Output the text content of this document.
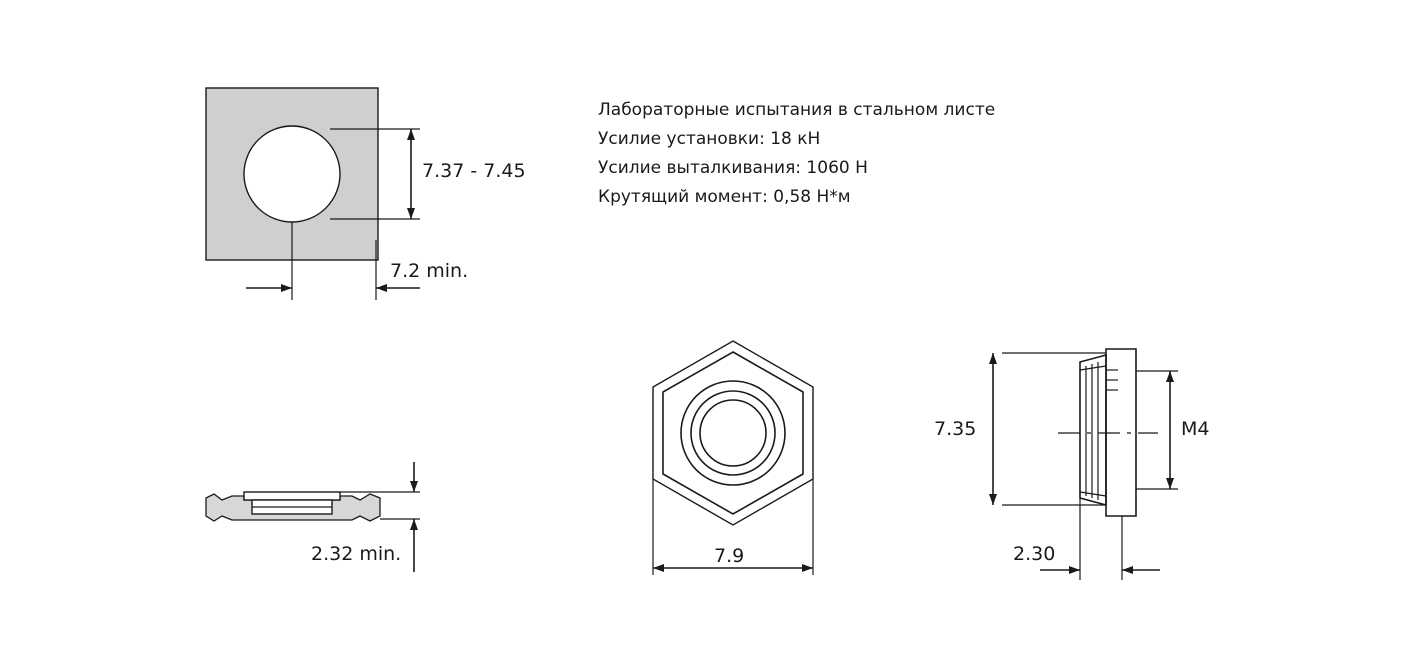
Лабораторные испытания в стальном листе
Усилие установки: 18 кН
Усилие выталкивания: 1060 Н
Крутящий момент: 0,58 Н*м
7.37 - 7.45
7.2 min.
2.32 min.	7.9
7.35	M4
2.30
